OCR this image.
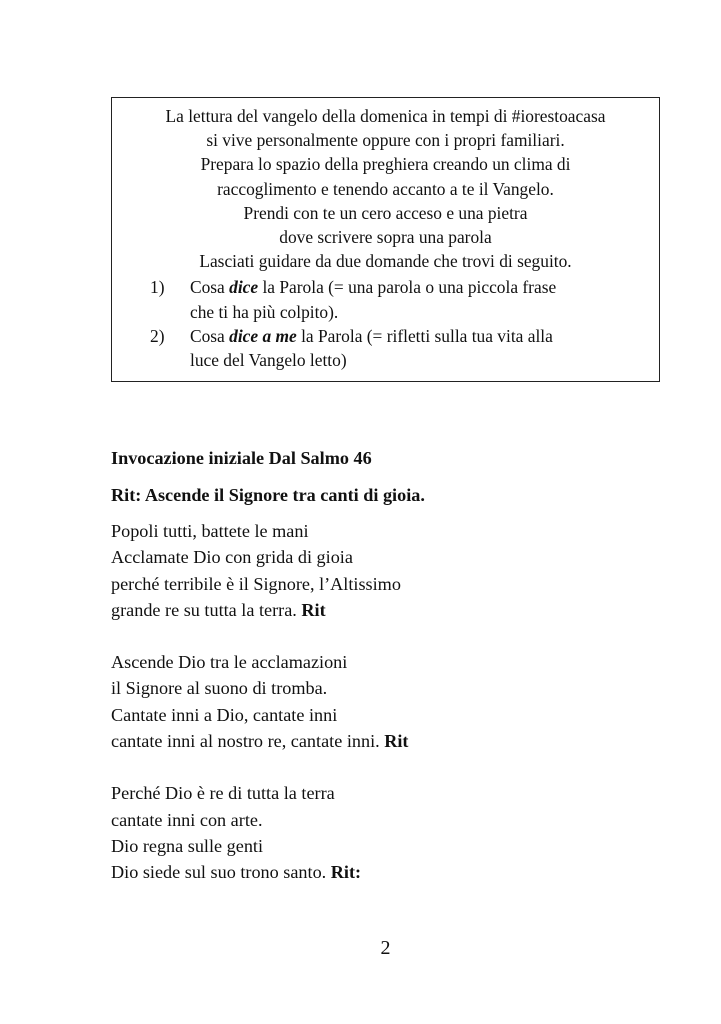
La lettura del vangelo della domenica in tempi di #iorestoacasa
si vive personalmente oppure con i propri familiari.
Prepara lo spazio della preghiera creando un clima di
raccoglimento e tenendo accanto a te il Vangelo.
Prendi con te un cero acceso e una pietra
dove scrivere sopra una parola
Lasciati guidare da due domande che trovi di seguito.
1) Cosa dice la Parola (= una parola o una piccola frase
che ti ha più colpito).
2) Cosa dice a me la Parola (= rifletti sulla tua vita alla
luce del Vangelo letto)
Invocazione iniziale Dal Salmo 46

Rit: Ascende il Signore tra canti di gioia.

Popoli tutti, battete le mani
Acclamate Dio con grida di gioia
perché terribile è il Signore, l’Altissimo
grande re su tutta la terra. Rit

Ascende Dio tra le acclamazioni
il Signore al suono di tromba.
Cantate inni a Dio, cantate inni
cantate inni al nostro re, cantate inni. Rit

Perché Dio è re di tutta la terra
cantate inni con arte.
Dio regna sulle genti
Dio siede sul suo trono santo. Rit:

2
